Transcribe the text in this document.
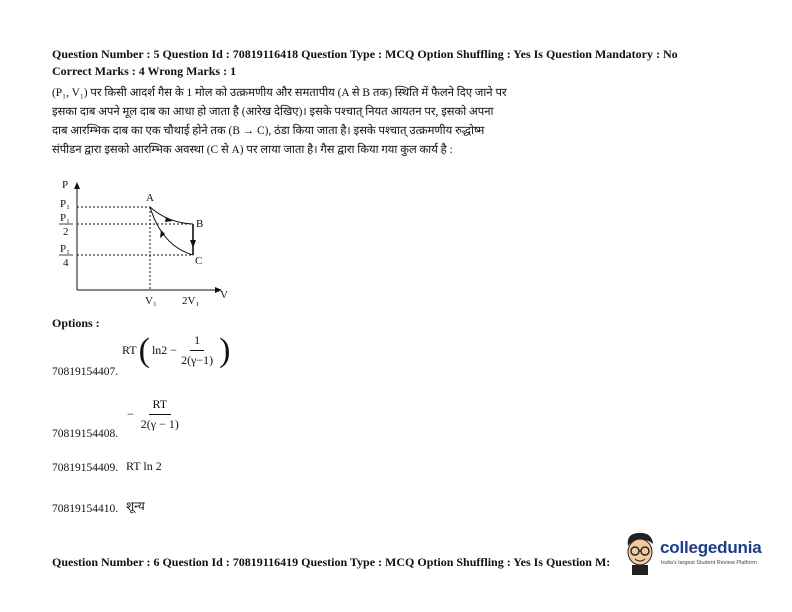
Question Number : 5 Question Id : 70819116418 Question Type : MCQ Option Shuffling : Yes Is Question Mandatory : No
Correct Marks : 4 Wrong Marks : 1
(P₁, V₁) पर किसी आदर्श गैस के 1 मोल को उत्क्रमणीय और समतापीय (A से B तक) स्थिति में फैलने दिए जाने पर
इसका दाब अपने मूल दाब का आधा हो जाता है (आरेख देखिए)। इसके पश्चात् नियत आयतन पर, इसको अपना
दाब आरम्भिक दाब का एक चौथाई होने तक (B → C), ठंडा किया जाता है। इसके पश्चात् उत्क्रमणीय रुद्धोष्म
संपीडन द्वारा इसको आरम्भिक अवस्था (C से A) पर लाया जाता है। गैस द्वारा किया गया कुल कार्य है :
P
P₁
P₁
2
P₁
4
V₁ 2V₁ V
A
B
C
Options :
RT ( $\ln 2 - \frac{1}{2(\gamma-1)}$ )
70819154407.
− $\frac{RT}{2(\gamma - 1)}$
70819154408.
70819154409. RT ln 2
70819154410. शून्य
Question Number : 6 Question Id : 70819116419 Question Type : MCQ Option Shuffling : Yes Is Question M:
collegedunia
India's largest Student Review Platform
